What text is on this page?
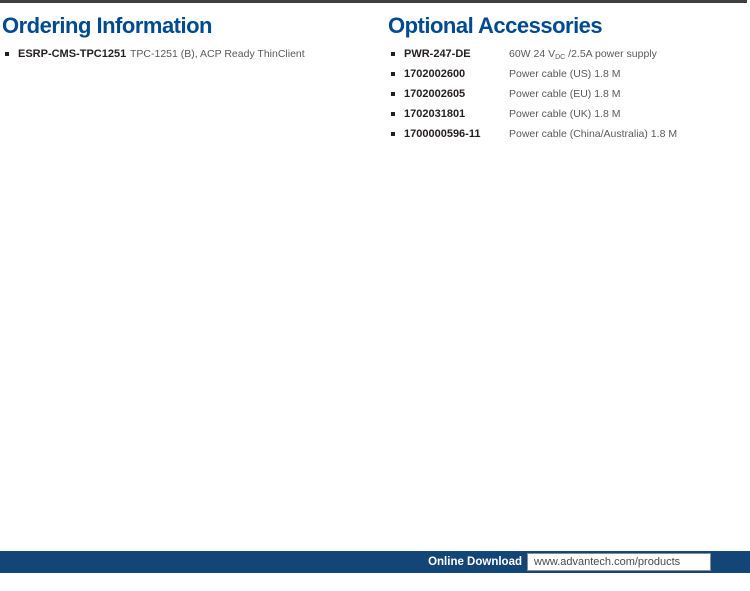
Ordering Information
ESRP-CMS-TPC1251 TPC-1251 (B), ACP Ready ThinClient
Optional Accessories
PWR-247-DE	60W 24 $V_{DC}$ /2.5A power supply
1702002600	Power cable (US) 1.8 M
1702002605	Power cable (EU) 1.8 M
1702031801	Power cable (UK) 1.8 M
1700000596-11	Power cable (China/Australia) 1.8 M
Online Download	www.advantech.com/products
